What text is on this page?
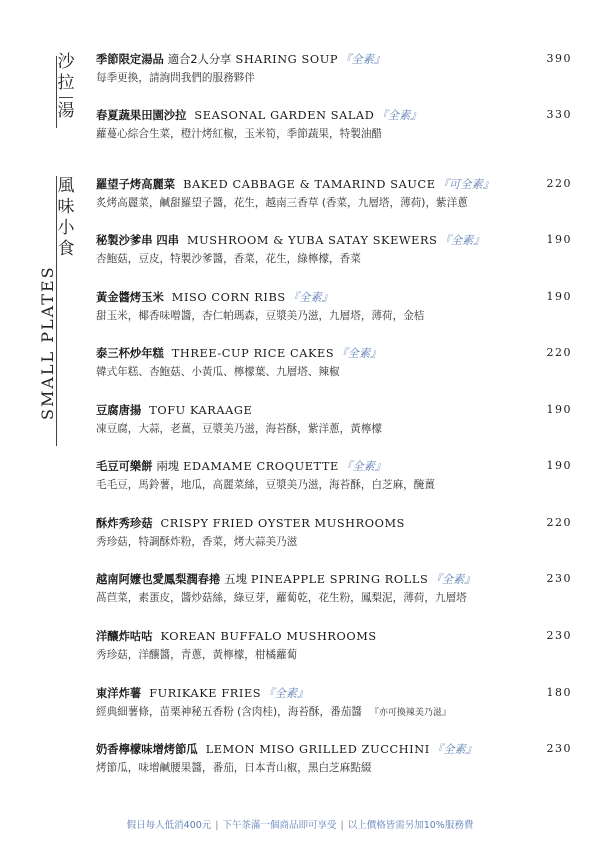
沙
拉
湯
風
味
小
食
SMALL PLATES
季節限定湯品 適合2人分享 SHARING SOUP 『全素』
每季更換，請詢問我們的服務夥伴
390
春夏蔬果田園沙拉 SEASONAL GARDEN SALAD 『全素』
蘿蔓心綜合生菜，橙汁烤紅椒，玉米筍，季節蔬果，特製油醋
330
羅望子烤高麗菜 BAKED CABBAGE & TAMARIND SAUCE 『可全素』
炙烤高麗菜，鹹甜羅望子醬，花生，越南三香草 (香菜，九層塔，薄荷)，紫洋蔥
220
秘製沙爹串 四串 MUSHROOM & YUBA SATAY SKEWERS 『全素』
杏鮑菇，豆皮，特製沙爹醬，香菜，花生，綠檸檬，香菜
190
黃金醬烤玉米 MISO CORN RIBS 『全素』
甜玉米，椰香味噌醬，杏仁帕瑪森，豆漿美乃滋，九層塔，薄荷，金桔
190
泰三杯炒年糕 THREE-CUP RICE CAKES 『全素』
韓式年糕、杏鮑菇、小黃瓜、檸檬葉、九層塔、辣椒
220
豆腐唐揚 TOFU KARAAGE
凍豆腐，大蒜，老薑，豆漿美乃滋，海苔酥，紫洋蔥，黃檸檬
190
毛豆可樂餅 兩塊 EDAMAME CROQUETTE 『全素』
毛毛豆，馬鈴薯，地瓜，高麗菜絲，豆漿美乃滋，海苔酥，白芝麻，醃薑
190
酥炸秀珍菇 CRISPY FRIED OYSTER MUSHROOMS
秀珍菇，特調酥炸粉，香菜，烤大蒜美乃滋
220
越南阿嬤也愛鳳梨潤春捲 五塊 PINEAPPLE SPRING ROLLS 『全素』
萵苣菜，素蛋皮，醬炒菇絲，綠豆芽，蘿蔔乾，花生粉，鳳梨泥，薄荷，九層塔
230
洋釀炸咕咕 KOREAN BUFFALO MUSHROOMS
秀珍菇，洋釀醬，青蔥，黃檸檬，柑橘蘿蔔
230
東洋炸薯 FURIKAKE FRIES 『全素』
經典細薯條，苗栗神秘五香粉 (含肉桂)，海苔酥，番茄醬 『亦可換辣美乃滋』
180
奶香檸檬味增烤節瓜 LEMON MISO GRILLED ZUCCHINI 『全素』
烤節瓜，味增鹹腰果醬，番茄，日本青山椒，黑白芝麻點綴
230
假日每人低消400元 | 下午茶滿一個商品即可享受 | 以上價格皆需另加10%服務費
